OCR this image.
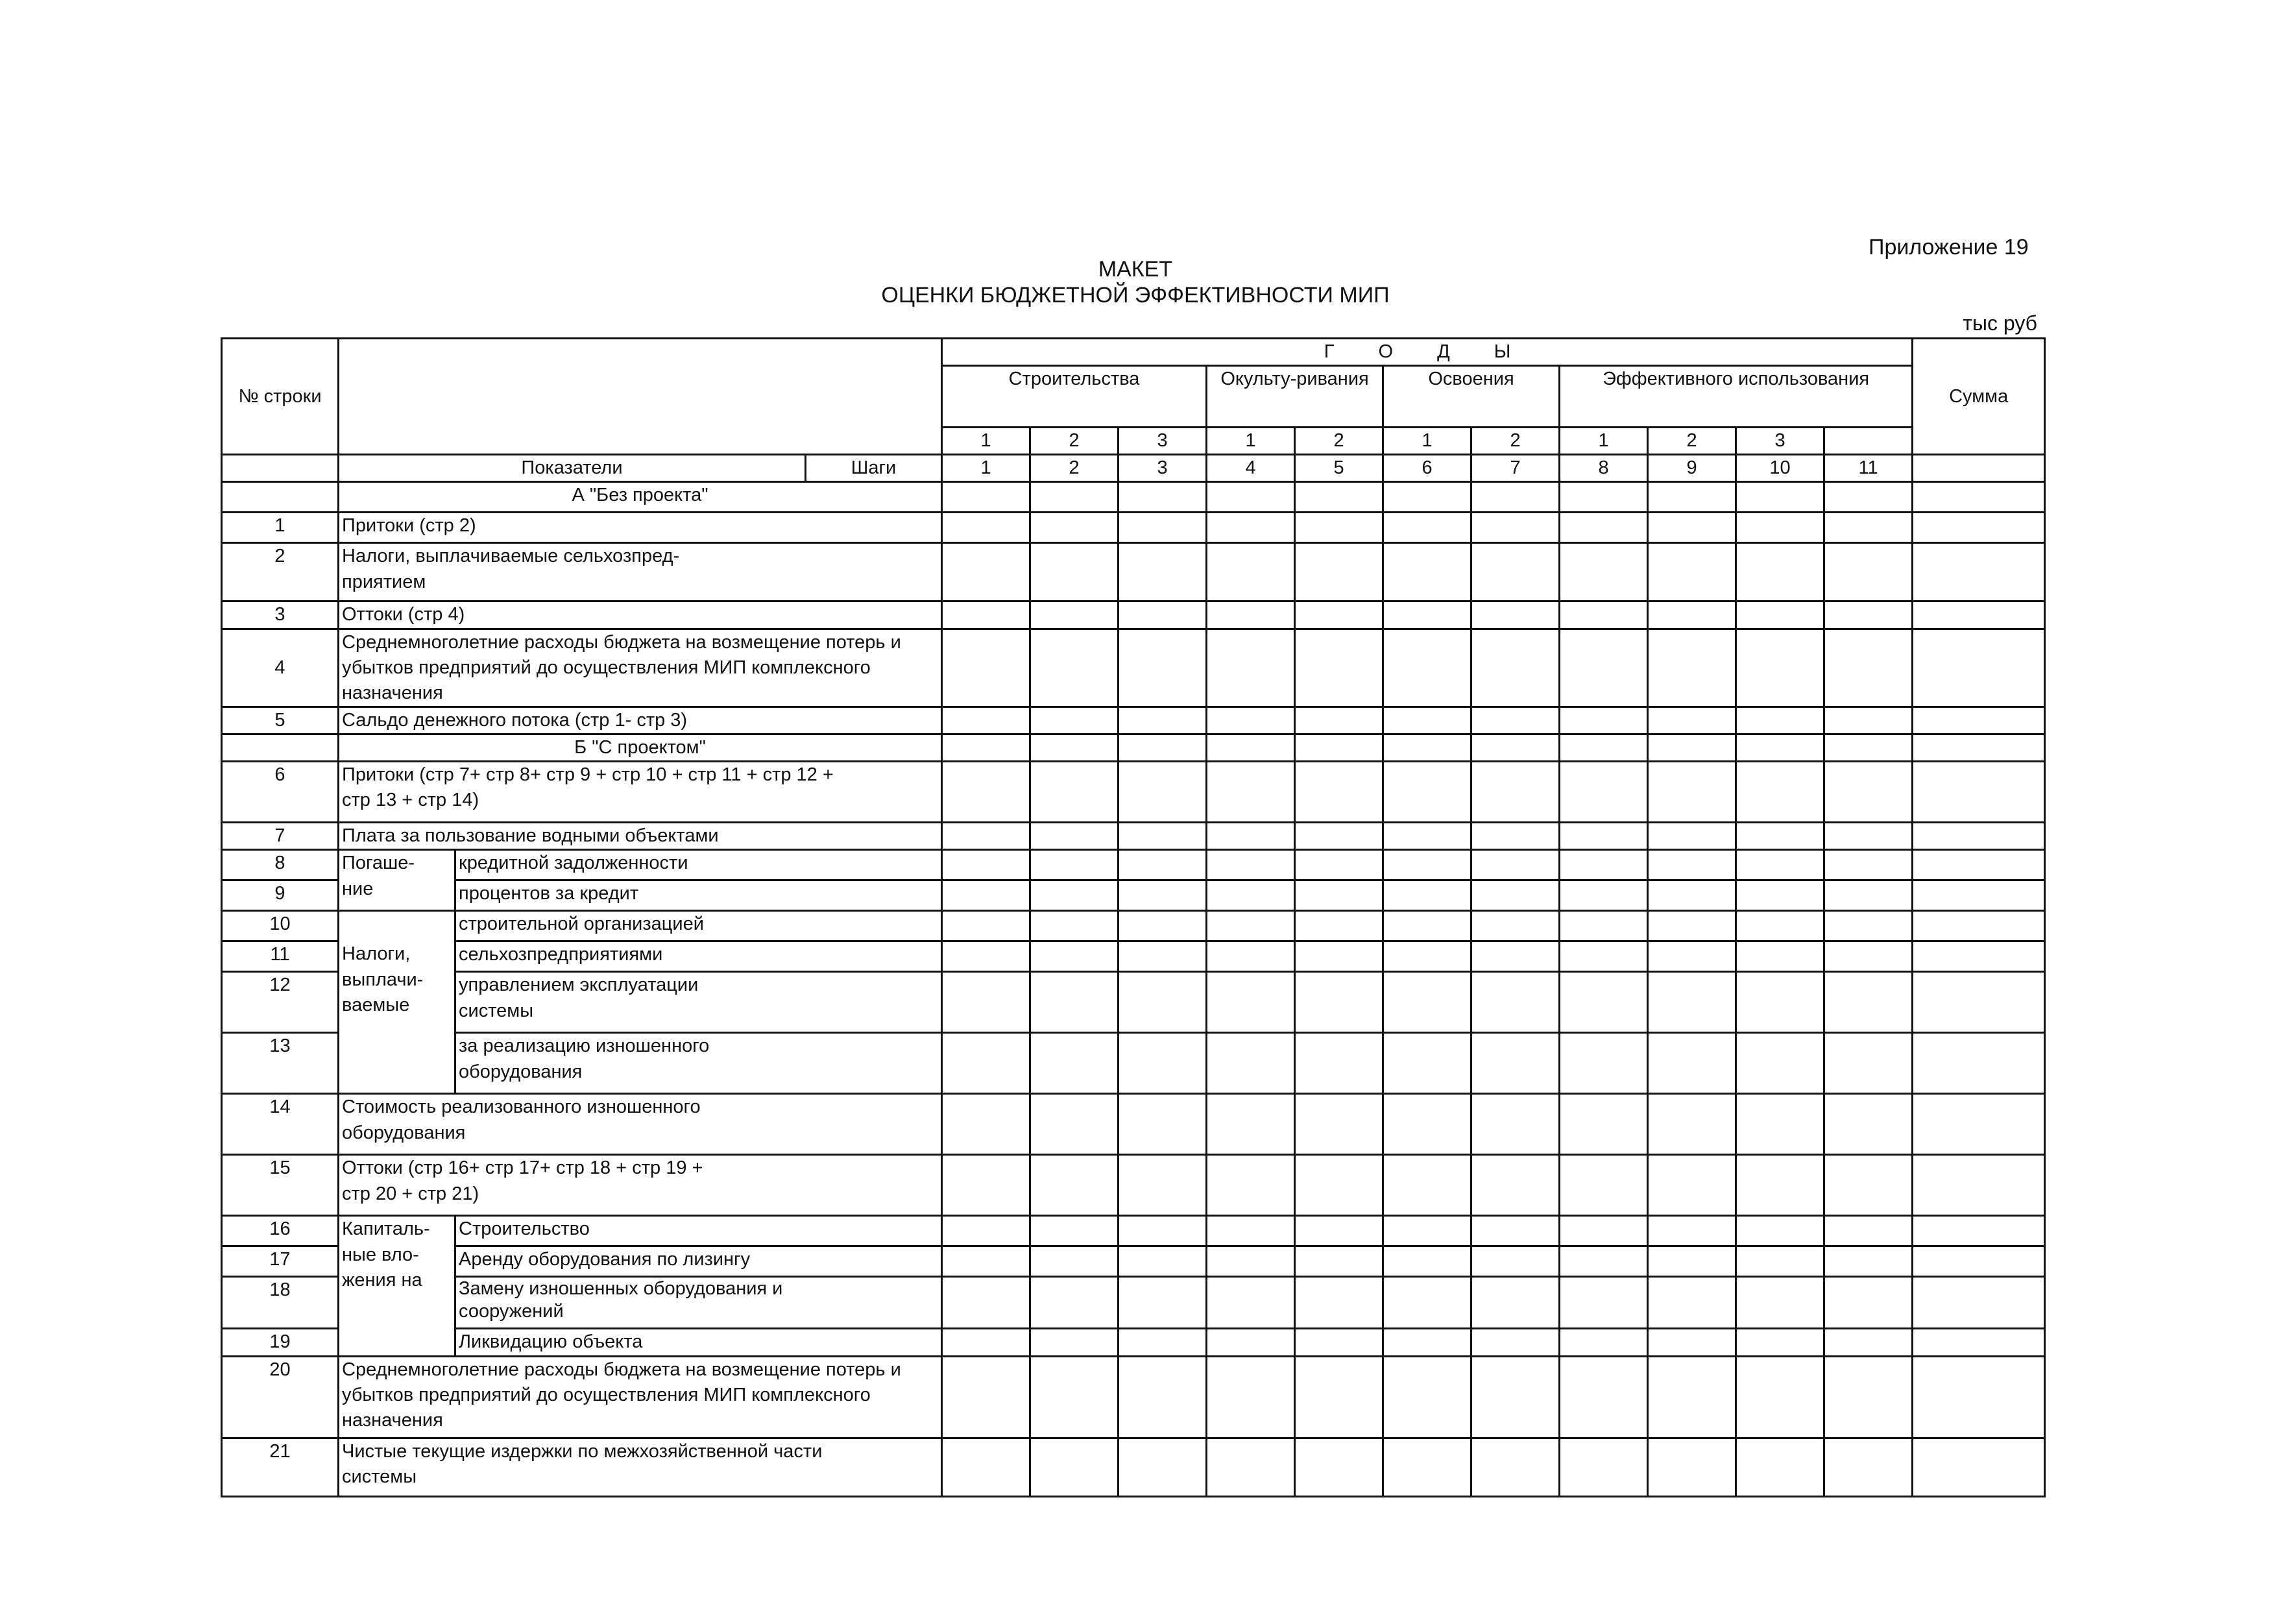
Приложение 19
МАКЕТ
ОЦЕНКИ БЮДЖЕТНОЙ ЭФФЕКТИВНОСТИ МИП
тыс руб
№ строки				Г О Д Ы											Сумма
				Строительства			Окульту-ривания		Освоения		Эффективного использования				
				1	2	3	1	2	1	2	1	2	3		
	Показатели		Шаги	1	2	3	4	5	6	7	8	9	10	11	
	А "Без проекта"														
1	Притоки (стр 2)														
2	Налоги, выплачиваемые сельхозпред-приятием														

3	Оттоки (стр 4)														
4	Среднемноголетние расходы бюджета на возмещение потерь и убытков предприятий до осуществления МИП комплексного назначения														

5	Сальдо денежного потока (стр 1- стр 3)														
	Б "С проектом"														
6	Притоки (стр 7+ стр 8+ стр 9 + стр 10 + стр 11 + стр 12 + стр 13 + стр 14)														

7	Плата за пользование водными объектами														
8	Погаше-ние	кредитной задолженности													
9		процентов за кредит													
10	Налоги, выплачи-ваемые	строительной организацией													
11		сельхозпредприятиями													
12		управлением эксплуатации системы													

13		за реализацию изношенного оборудования													

14	Стоимость реализованного изношенного оборудования														

15	Оттоки (стр 16+ стр 17+ стр 18 + стр 19 + стр 20 + стр 21)														

16	Капиталь-ные вло-жения на	Строительство													
17		Аренду оборудования по лизингу													
18		Замену изношенных оборудования и сооружений													

19		Ликвидацию объекта													
20	Среднемноголетние расходы бюджета на возмещение потерь и убытков предприятий до осуществления МИП комплексного назначения														

21	Чистые текущие издержки по межхозяйственной части системы														
